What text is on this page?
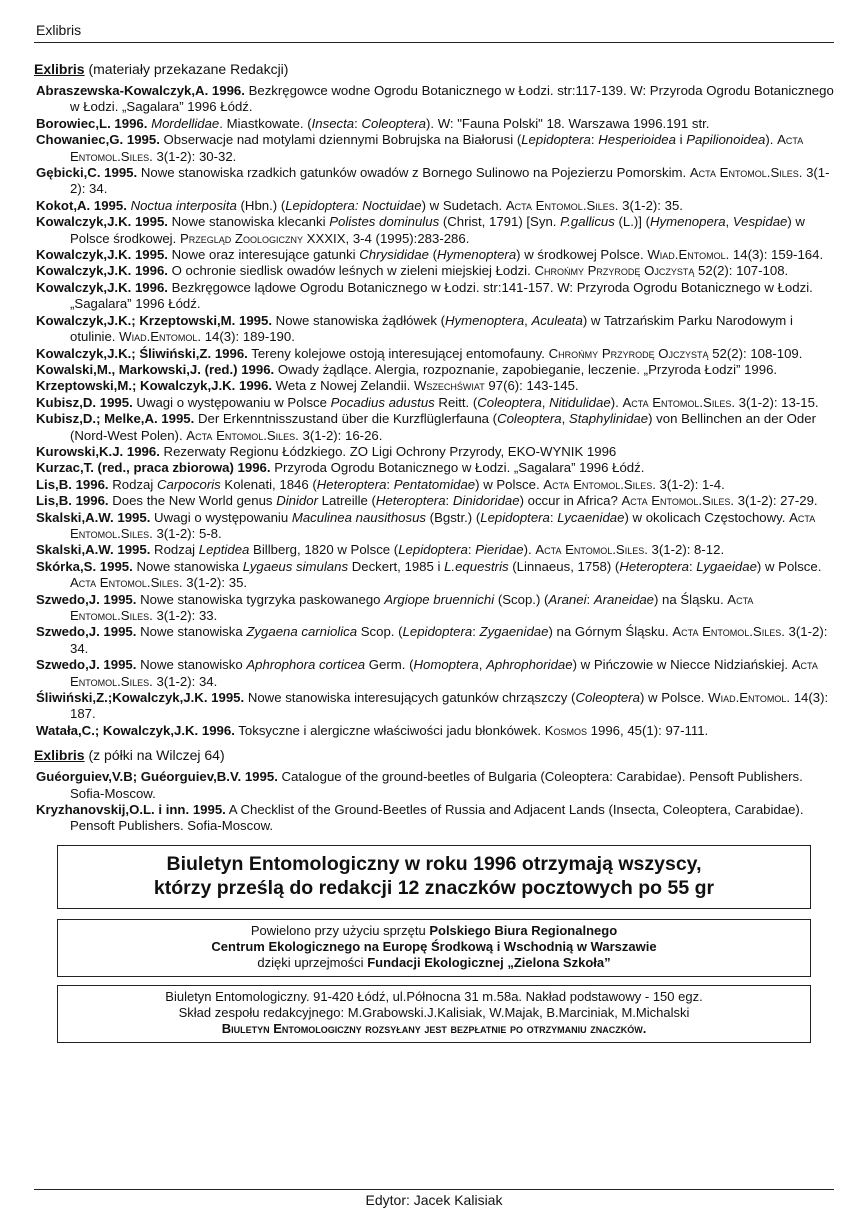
Exlibris
Exlibris (materiały przekazane Redakcji)
Abraszewska-Kowalczyk,A. 1996. Bezkręgowce wodne Ogrodu Botanicznego w Łodzi. str:117-139. W: Przyroda Ogrodu Botanicznego w Łodzi. „Sagalara” 1996 Łódź.
Borowiec,L. 1996. Mordellidae. Miastkowate. (Insecta: Coleoptera). W: "Fauna Polski" 18. Warszawa 1996.191 str.
Chowaniec,G. 1995. Obserwacje nad motylami dziennymi Bobrujska na Białorusi (Lepidoptera: Hesperioidea i Papilionoidea). Acta Entomol.Siles. 3(1-2): 30-32.
Gębicki,C. 1995. Nowe stanowiska rzadkich gatunków owadów z Bornego Sulinowo na Pojezierzu Pomorskim. Acta Entomol.Siles. 3(1-2): 34.
Kokot,A. 1995. Noctua interposita (Hbn.) (Lepidoptera: Noctuidae) w Sudetach. Acta Entomol.Siles. 3(1-2): 35.
Kowalczyk,J.K. 1995. Nowe stanowiska klecanki Polistes dominulus (Christ, 1791) [Syn. P.gallicus (L.)] (Hymenopera, Vespidae) w Polsce środkowej. Przegląd Zoologiczny XXXIX, 3-4 (1995):283-286.
Kowalczyk,J.K. 1995. Nowe oraz interesujące gatunki Chrysididae (Hymenoptera) w środkowej Polsce. Wiad.Entomol. 14(3): 159-164.
Kowalczyk,J.K. 1996. O ochronie siedlisk owadów leśnych w zieleni miejskiej Łodzi. Chrońmy Przyrodę Ojczystą 52(2): 107-108.
Kowalczyk,J.K. 1996. Bezkręgowce lądowe Ogrodu Botanicznego w Łodzi. str:141-157. W: Przyroda Ogrodu Botanicznego w Łodzi. „Sagalara” 1996 Łódź.
Kowalczyk,J.K.; Krzeptowski,M. 1995. Nowe stanowiska żądłówek (Hymenoptera, Aculeata) w Tatrzańskim Parku Narodowym i otulinie. Wiad.Entomol. 14(3): 189-190.
Kowalczyk,J.K.; Śliwiński,Z. 1996. Tereny kolejowe ostoją interesującej entomofauny. Chrońmy Przyrodę Ojczystą 52(2): 108-109.
Kowalski,M., Markowski,J. (red.) 1996. Owady żądlące. Alergia, rozpoznanie, zapobieganie, leczenie. „Przyroda Łodzi” 1996.
Krzeptowski,M.; Kowalczyk,J.K. 1996. Weta z Nowej Zelandii. Wszechświat 97(6): 143-145.
Kubisz,D. 1995. Uwagi o występowaniu w Polsce Pocadius adustus Reitt. (Coleoptera, Nitidulidae). Acta Entomol.Siles. 3(1-2): 13-15.
Kubisz,D.; Melke,A. 1995. Der Erkenntnisszustand über die Kurzflüglerfauna (Coleoptera, Staphylinidae) von Bellinchen an der Oder (Nord-West Polen). Acta Entomol.Siles. 3(1-2): 16-26.
Kurowski,K.J. 1996. Rezerwaty Regionu Łódzkiego. ZO Ligi Ochrony Przyrody, EKO-WYNIK 1996
Kurzac,T. (red., praca zbiorowa) 1996. Przyroda Ogrodu Botanicznego w Łodzi. „Sagalara” 1996 Łódź.
Lis,B. 1996. Rodzaj Carpocoris Kolenati, 1846 (Heteroptera: Pentatomidae) w Polsce. Acta Entomol.Siles. 3(1-2): 1-4.
Lis,B. 1996. Does the New World genus Dinidor Latreille (Heteroptera: Dinidoridae) occur in Africa? Acta Entomol.Siles. 3(1-2): 27-29.
Skalski,A.W. 1995. Uwagi o występowaniu Maculinea nausithosus (Bgstr.) (Lepidoptera: Lycaenidae) w okolicach Częstochowy. Acta Entomol.Siles. 3(1-2): 5-8.
Skalski,A.W. 1995. Rodzaj Leptidea Billberg, 1820 w Polsce (Lepidoptera: Pieridae). Acta Entomol.Siles. 3(1-2): 8-12.
Skórka,S. 1995. Nowe stanowiska Lygaeus simulans Deckert, 1985 i L.equestris (Linnaeus, 1758) (Heteroptera: Lygaeidae) w Polsce. Acta Entomol.Siles. 3(1-2): 35.
Szwedo,J. 1995. Nowe stanowiska tygrzyka paskowanego Argiope bruennichi (Scop.) (Aranei: Araneidae) na Śląsku. Acta Entomol.Siles. 3(1-2): 33.
Szwedo,J. 1995. Nowe stanowiska Zygaena carniolica Scop. (Lepidoptera: Zygaenidae) na Górnym Śląsku. Acta Entomol.Siles. 3(1-2): 34.
Szwedo,J. 1995. Nowe stanowisko Aphrophora corticea Germ. (Homoptera, Aphrophoridae) w Pińczowie w Niecce Nidziańskiej. Acta Entomol.Siles. 3(1-2): 34.
Śliwiński,Z.;Kowalczyk,J.K. 1995. Nowe stanowiska interesujących gatunków chrząszczy (Coleoptera) w Polsce. Wiad.Entomol. 14(3): 187.
Watała,C.; Kowalczyk,J.K. 1996. Toksyczne i alergiczne właściwości jadu błonkówek. Kosmos 1996, 45(1): 97-111.
Exlibris (z półki na Wilczej 64)
Guéorguiev,V.B; Guéorguiev,B.V. 1995. Catalogue of the ground-beetles of Bulgaria (Coleoptera: Carabidae). Pensoft Publishers. Sofia-Moscow.
Kryzhanovskij,O.L. i inn. 1995. A Checklist of the Ground-Beetles of Russia and Adjacent Lands (Insecta, Coleoptera, Carabidae). Pensoft Publishers. Sofia-Moscow.
Biuletyn Entomologiczny w roku 1996 otrzymają wszyscy,
którzy prześlą do redakcji 12 znaczków pocztowych po 55 gr
Powielono przy użyciu sprzętu Polskiego Biura Regionalnego
Centrum Ekologicznego na Europę Środkową i Wschodnią w Warszawie
dzięki uprzejmości Fundacji Ekologicznej „Zielona Szkoła”
Biuletyn Entomologiczny. 91-420 Łódź, ul.Północna 31 m.58a. Nakład podstawowy - 150 egz.
Skład zespołu redakcyjnego: M.Grabowski.J.Kalisiak, W.Majak, B.Marciniak, M.Michalski
Biuletyn Entomologiczny rozsyłany jest bezpłatnie po otrzymaniu znaczków.
Edytor: Jacek Kalisiak
